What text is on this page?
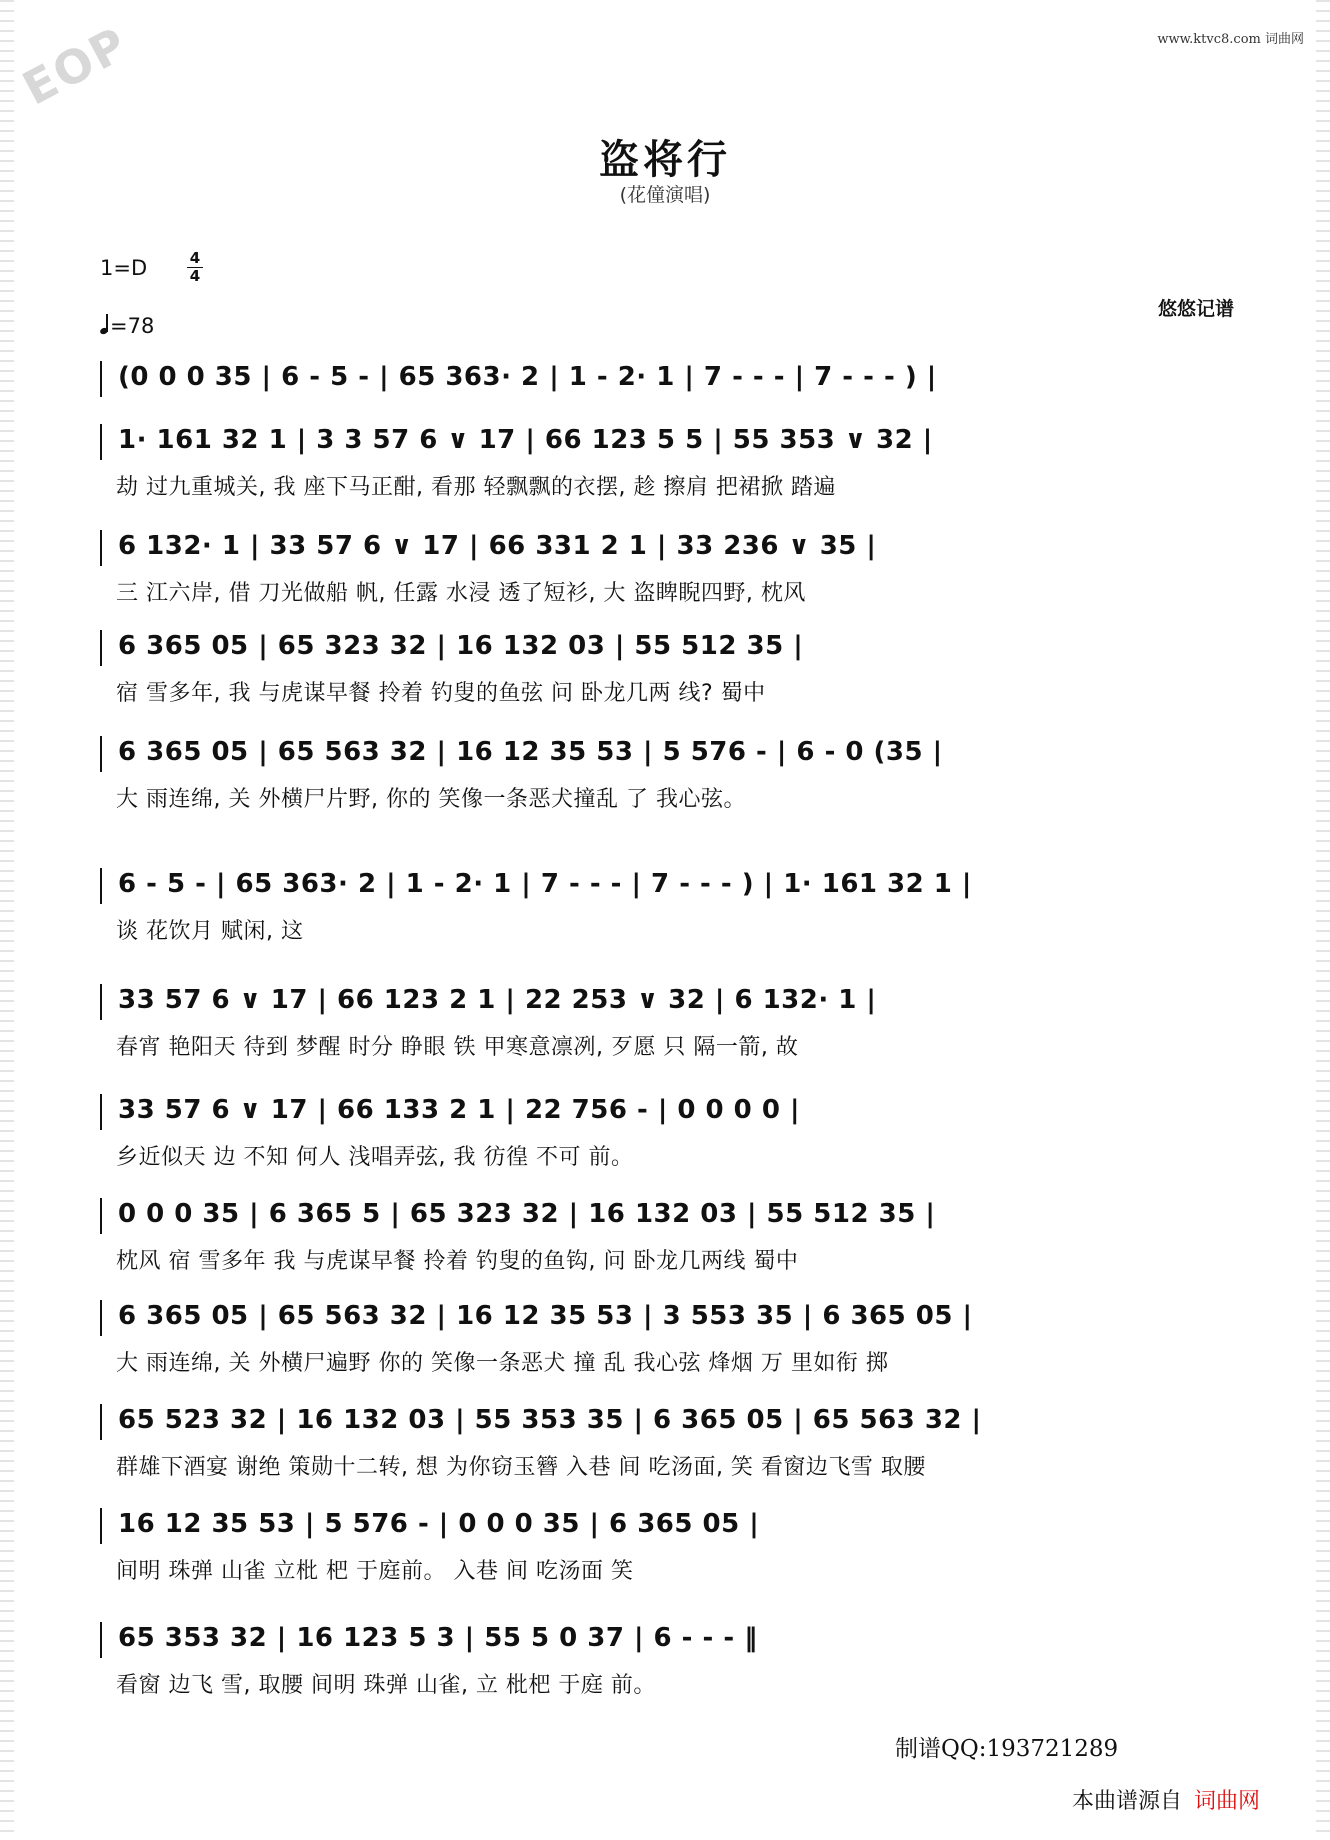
EOP	www.ktvc8.com 词曲网
盗将行
(花僮演唱)
1=D	4
4
=78
悠悠记谱
(0 0 0 35 | 6 - 5 - | 65 363· 2 | 1 - 2· 1 | 7 - - - | 7 - - - ) |
1· 161 32 1 | 3 3 57 6 ∨ 17 | 66 123 5 5 | 55 353 ∨ 32 |
劫 过九重城关, 我 座下马正酣, 看那 轻飘飘的衣摆, 趁 擦肩 把裙掀 踏遍
6 132· 1 | 33 57 6 ∨ 17 | 66 331 2 1 | 33 236 ∨ 35 |
三 江六岸, 借 刀光做船 帆, 任露 水浸 透了短衫, 大 盗睥睨四野, 枕风
6 365 05 | 65 323 32 | 16 132 03 | 55 512 35 |
宿 雪多年, 我 与虎谋早餐 拎着 钓叟的鱼弦 问 卧龙几两 线? 蜀中
6 365 05 | 65 563 32 | 16 12 35 53 | 5 576 - | 6 - 0 (35 |
大 雨连绵, 关 外横尸片野, 你的 笑像一条恶犬撞乱 了 我心弦。
6 - 5 - | 65 363· 2 | 1 - 2· 1 | 7 - - - | 7 - - - ) | 1· 161 32 1 |
谈 花饮月 赋闲, 这
33 57 6 ∨ 17 | 66 123 2 1 | 22 253 ∨ 32 | 6 132· 1 |
春宵 艳阳天 待到 梦醒 时分 睁眼 铁 甲寒意凛冽, 歹愿 只 隔一箭, 故
33 57 6 ∨ 17 | 66 133 2 1 | 22 756 - | 0 0 0 0 |
乡近似天 边 不知 何人 浅唱弄弦, 我 彷徨 不可 前。
0 0 0 35 | 6 365 5 | 65 323 32 | 16 132 03 | 55 512 35 |
枕风 宿 雪多年 我 与虎谋早餐 拎着 钓叟的鱼钩, 问 卧龙几两线 蜀中
6 365 05 | 65 563 32 | 16 12 35 53 | 3 553 35 | 6 365 05 |
大 雨连绵, 关 外横尸遍野 你的 笑像一条恶犬 撞 乱 我心弦 烽烟 万 里如衔 掷
65 523 32 | 16 132 03 | 55 353 35 | 6 365 05 | 65 563 32 |
群雄下酒宴 谢绝 策勋十二转, 想 为你窃玉簪 入巷 间 吃汤面, 笑 看窗边飞雪 取腰
16 12 35 53 | 5 576 - | 0 0 0 35 | 6 365 05 |
间明 珠弹 山雀 立枇 杷 于庭前。 入巷 间 吃汤面 笑
65 353 32 | 16 123 5 3 | 55 5 0 37 | 6 - - - ‖
看窗 边飞 雪, 取腰 间明 珠弹 山雀, 立 枇杷 于庭 前。
制谱QQ:193721289
本曲谱源自 词曲网
